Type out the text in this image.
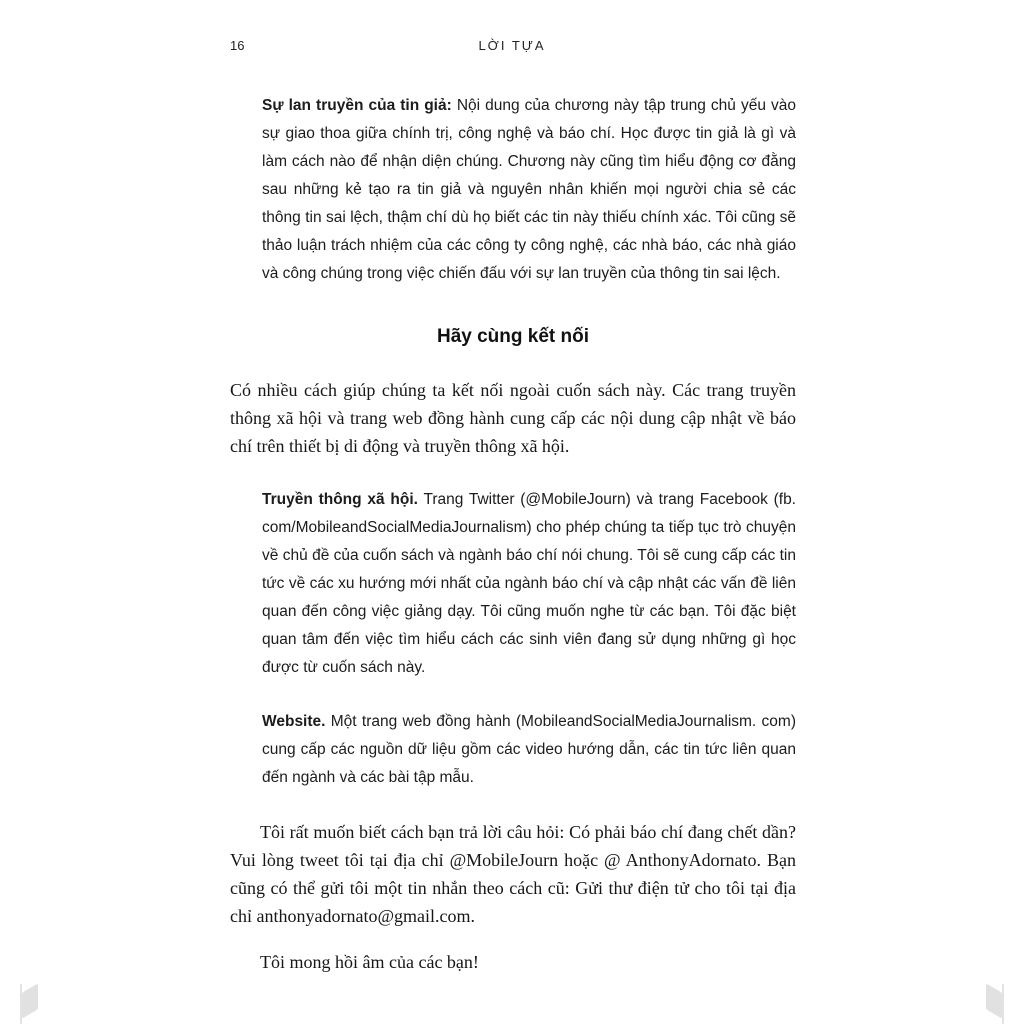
16	LỜI TỰA

Sự lan truyền của tin giả: Nội dung của chương này tập trung chủ yếu vào sự giao thoa giữa chính trị, công nghệ và báo chí. Học được tin giả là gì và làm cách nào để nhận diện chúng. Chương này cũng tìm hiểu động cơ đằng sau những kẻ tạo ra tin giả và nguyên nhân khiến mọi người chia sẻ các thông tin sai lệch, thậm chí dù họ biết các tin này thiếu chính xác. Tôi cũng sẽ thảo luận trách nhiệm của các công ty công nghệ, các nhà báo, các nhà giáo và công chúng trong việc chiến đấu với sự lan truyền của thông tin sai lệch.

Hãy cùng kết nối

Có nhiều cách giúp chúng ta kết nối ngoài cuốn sách này. Các trang truyền thông xã hội và trang web đồng hành cung cấp các nội dung cập nhật về báo chí trên thiết bị di động và truyền thông xã hội.

Truyền thông xã hội. Trang Twitter (@MobileJourn) và trang Facebook (fb. com/MobileandSocialMediaJournalism) cho phép chúng ta tiếp tục trò chuyện về chủ đề của cuốn sách và ngành báo chí nói chung. Tôi sẽ cung cấp các tin tức về các xu hướng mới nhất của ngành báo chí và cập nhật các vấn đề liên quan đến công việc giảng dạy. Tôi cũng muốn nghe từ các bạn. Tôi đặc biệt quan tâm đến việc tìm hiểu cách các sinh viên đang sử dụng những gì học được từ cuốn sách này.

Website. Một trang web đồng hành (MobileandSocialMediaJournalism. com) cung cấp các nguồn dữ liệu gồm các video hướng dẫn, các tin tức liên quan đến ngành và các bài tập mẫu.

Tôi rất muốn biết cách bạn trả lời câu hỏi: Có phải báo chí đang chết dần? Vui lòng tweet tôi tại địa chỉ @MobileJourn hoặc @ AnthonyAdornato. Bạn cũng có thể gửi tôi một tin nhắn theo cách cũ: Gửi thư điện tử cho tôi tại địa chỉ anthonyadornato@gmail.com.

Tôi mong hồi âm của các bạn!
